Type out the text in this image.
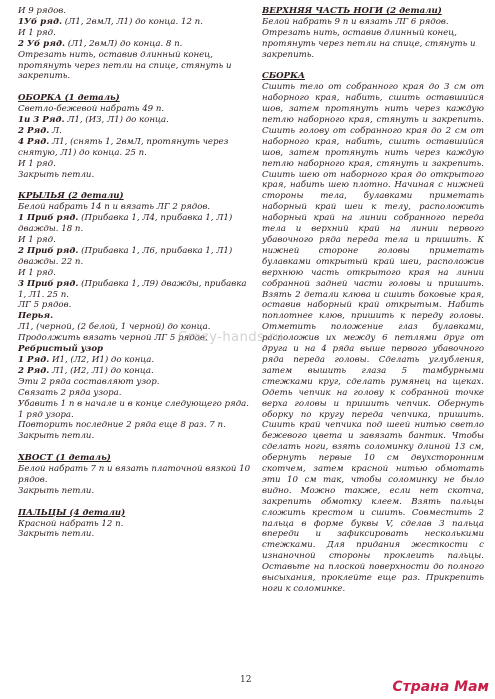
И 9 рядов.
1Уб ряд. (Л1, 2вмЛ, Л1) до конца. 12 п.
И 1 ряд.
2 Уб ряд. (Л1, 2вмЛ) до конца. 8 п.
Отрезать нить, оставив длинный конец,
протянуть через петли на спице, стянуть и
закрепить.
ОБОРКА (1 деталь)
Светло-бежевой набрать 49 п.
1и 3 Ряд. Л1, (ИЗ, Л1) до конца.
2 Ряд. Л.
4 Ряд. Л1, (снять 1, 2вмЛ, протянуть через
снятую, Л1) до конца. 25 п.
И 1 ряд.
Закрыть петли.
КРЫЛЬЯ (2 детали)
Белой набрать 14 п и вязать ЛГ 2 рядов.
1 Приб ряд. (Прибавка 1, Л4, прибавка 1, Л1)
дважды. 18 п.
И 1 ряд.
2 Приб ряд. (Прибавка 1, Л6, прибавка 1, Л1)
дважды. 22 п.
И 1 ряд.
3 Приб ряд. (Прибавка 1, Л9) дважды, прибавка
1, Л1. 25 п.
ЛГ 5 рядов.
Перья.
Л1, (черной, (2 белой, 1 черной) до конца.
Продолжить вязать черной ЛГ 5 рядов.
Ребристый узор
1 Ряд. И1, (Л2, И1) до конца.
2 Ряд. Л1, (И2, Л1) до конца.
Эти 2 ряда составляют узор.
Связать 2 ряда узора.
Убавить 1 п в начале и в конце следующего ряда.
1 ряд узора.
Повторить последние 2 ряда еще 8 раз. 7 п.
Закрыть петли.
ХВОСТ (1 деталь)
Белой набрать 7 п и вязать платочной вязкой 10
рядов.
Закрыть петли.
ПАЛЬЦЫ (4 детали)
Красной набрать 12 п.
Закрыть петли.
ВЕРХНЯЯ ЧАСТЬ НОГИ (2 детали)
Белой набрать 9 п и вязать ЛГ 6 рядов.
Отрезать нить, оставив длинный конец,
протянуть через петли на спице, стянуть и
закрепить.
СБОРКА
Сшить тело от собранного края до 3 см от наборного края, набить, сшить оставшийся шов, затем протянуть нить через каждую петлю наборного края, стянуть и закрепить. Сшить голову от собранного края до 2 см от наборного края, набить, сшить оставшийся шов, затем протянуть нить через каждую петлю наборного края, стянуть и закрепить. Сшить шею от наборного края до открытого края, набить шею плотно. Начиная с нижней стороны тела, булавками приметать наборный край шеи к телу, расположить наборный край на линии собранного переда тела и верхний край на линии первого убавочного ряда переда тела и пришить. К нижней стороне головы приметать булавками открытый край шеи, расположив верхнюю часть открытого края на линии собранной задней части головы и пришить. Взять 2 детали клюва и сшить боковые края, оставив наборный край открытым. Набить поплотнее клюв, пришить к переду головы. Отметить положение глаз булавками, расположив их между 6 петлями друг от друга и на 4 ряда выше первого убавочного ряда переда головы. Сделать углубления, затем вышить глаза 5 тамбурными стежками круг, сделать румянец на щеках. Одеть чепчик на голову к собранной точке верха головы и пришить чепчик. Обернуть оборку по кругу переда чепчика, пришить. Сшить край чепчика под шеей нитью светло бежевого цвета и завязать бантик. Чтобы сделать ноги, взять соломинку длиной 13 см, обернуть первые 10 см двухсторонним скотчем, затем красной нитью обмотать эти 10 см так, чтобы соломинку не было видно. Можно также, если нет скотча, закрепить обмотку клеем. Взять пальцы сложить крестом и сшить. Совместить 2 пальца в форме буквы V, сделав 3 пальца впереди и зафиксировать несколькими стежками. Для придания жесткости с изнаночной стороны проклеить пальцы. Оставьте на плоской поверхности до полного высыхания, проклейте еще раз. Прикрепить ноги к соломинке.
Crazy-hands.ru
12	Страна Мам
